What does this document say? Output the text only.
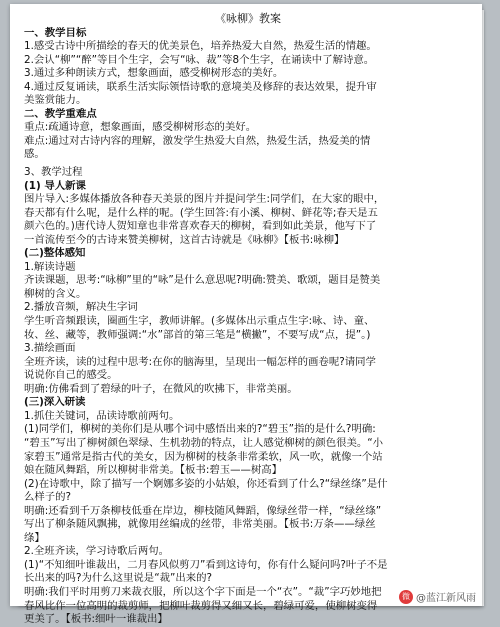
《咏柳》教案
一、教学目标
1.感受古诗中所描绘的春天的优美景色，培养热爱大自然，热爱生活的情趣。
2.会认“柳”“醉”等目个生字，会写“咏、裁”等8个生字，在诵读中了解诗意。
3.通过多种朗读方式，想象画面，感受柳树形态的美好。
4.通过反复诵读，联系生活实际领悟诗歌的意境美及修辞的表达效果，提升审
美鉴赏能力。
二、教学重难点
重点:疏通诗意，想象画面，感受柳树形态的美好。
难点:通过对古诗内容的理解，激发学生热爱大自然，热爱生活，热爱美的情
感。
3、教学过程
(1) 导人新课
图片导入:多媒体播放各种春天美景的图片并提问学生:同学们，在大家的眼中，
春天都有什么呢，是什么样的呢。(学生回答:有小溪、柳树、鲜花等;春天是五
颜六色的。)唐代诗人贺知章也非常喜欢春天的柳树，看到如此美景，他写下了
一首流传至今的古诗来赞美柳树，这首古诗就是《咏柳》【板书:咏柳】
(二)整体感知
1.解读诗题
齐读课题，思考:“咏柳”里的“咏”是什么意思呢?明确:赞美、歌颂，题目是赞美
柳树的含义。
2.播放音频，解决生字词
学生听音频跟读，圈画生字，教师讲解。(多媒体出示重点生字:咏、诗、童、
妆、丝、藏等，教师强调:“水”部首的第三笔是“横撇”，不要写成“点，提”。)
3.描绘画面
全班齐读，读的过程中思考:在你的脑海里，呈现出一幅怎样的画卷呢?请同学
说说你自己的感受。
明确:仿佛看到了碧绿的叶子，在微风的吹拂下，非常美丽。
(三)深入研读
1.抓住关键词，品读诗歌前两句。
(1)同学们，柳树的美你们是从哪个词中感悟出来的?“碧玉”指的是什么?明确:
“碧玉”写出了柳树颜色翠绿、生机勃勃的特点，让人感觉柳树的颜色很美。“小
家碧玉”通常是指古代的美女，因为柳树的枝条非常柔软，风一吹，就像一个站
娘在随风舞蹈，所以柳树非常美。【板书:碧玉——树高】
(2)在诗歌中，除了描写一个婀娜多姿的小姑娘，你还看到了什么?“绿丝绦”是什
么样子的?
明确:还看到千万条柳枝低垂在岸边，柳枝随风舞蹈，像绿丝带一样，“绿丝绦”
写出了柳条随风飘拂，就像用丝编成的丝带，非常美丽。【板书:万条——绿丝
绦】
2.全班齐读，学习诗歌后两句。
(1)“不知细叶谁裁出，二月春风似剪刀”看到这诗句，你有什么疑问吗?叶子不是
长出来的吗?为什么这里说是“裁”出来的?
明确:我们平时用剪刀来裁衣服，所以这个字下面是一个“衣”。“裁”字巧妙地把
春风比作一位高明的裁剪师，把柳叶裁剪得又细又长，碧绿可爱，使柳树变得
更美了。【板书:细叶一谁裁出】
微 @蓝江新风雨
